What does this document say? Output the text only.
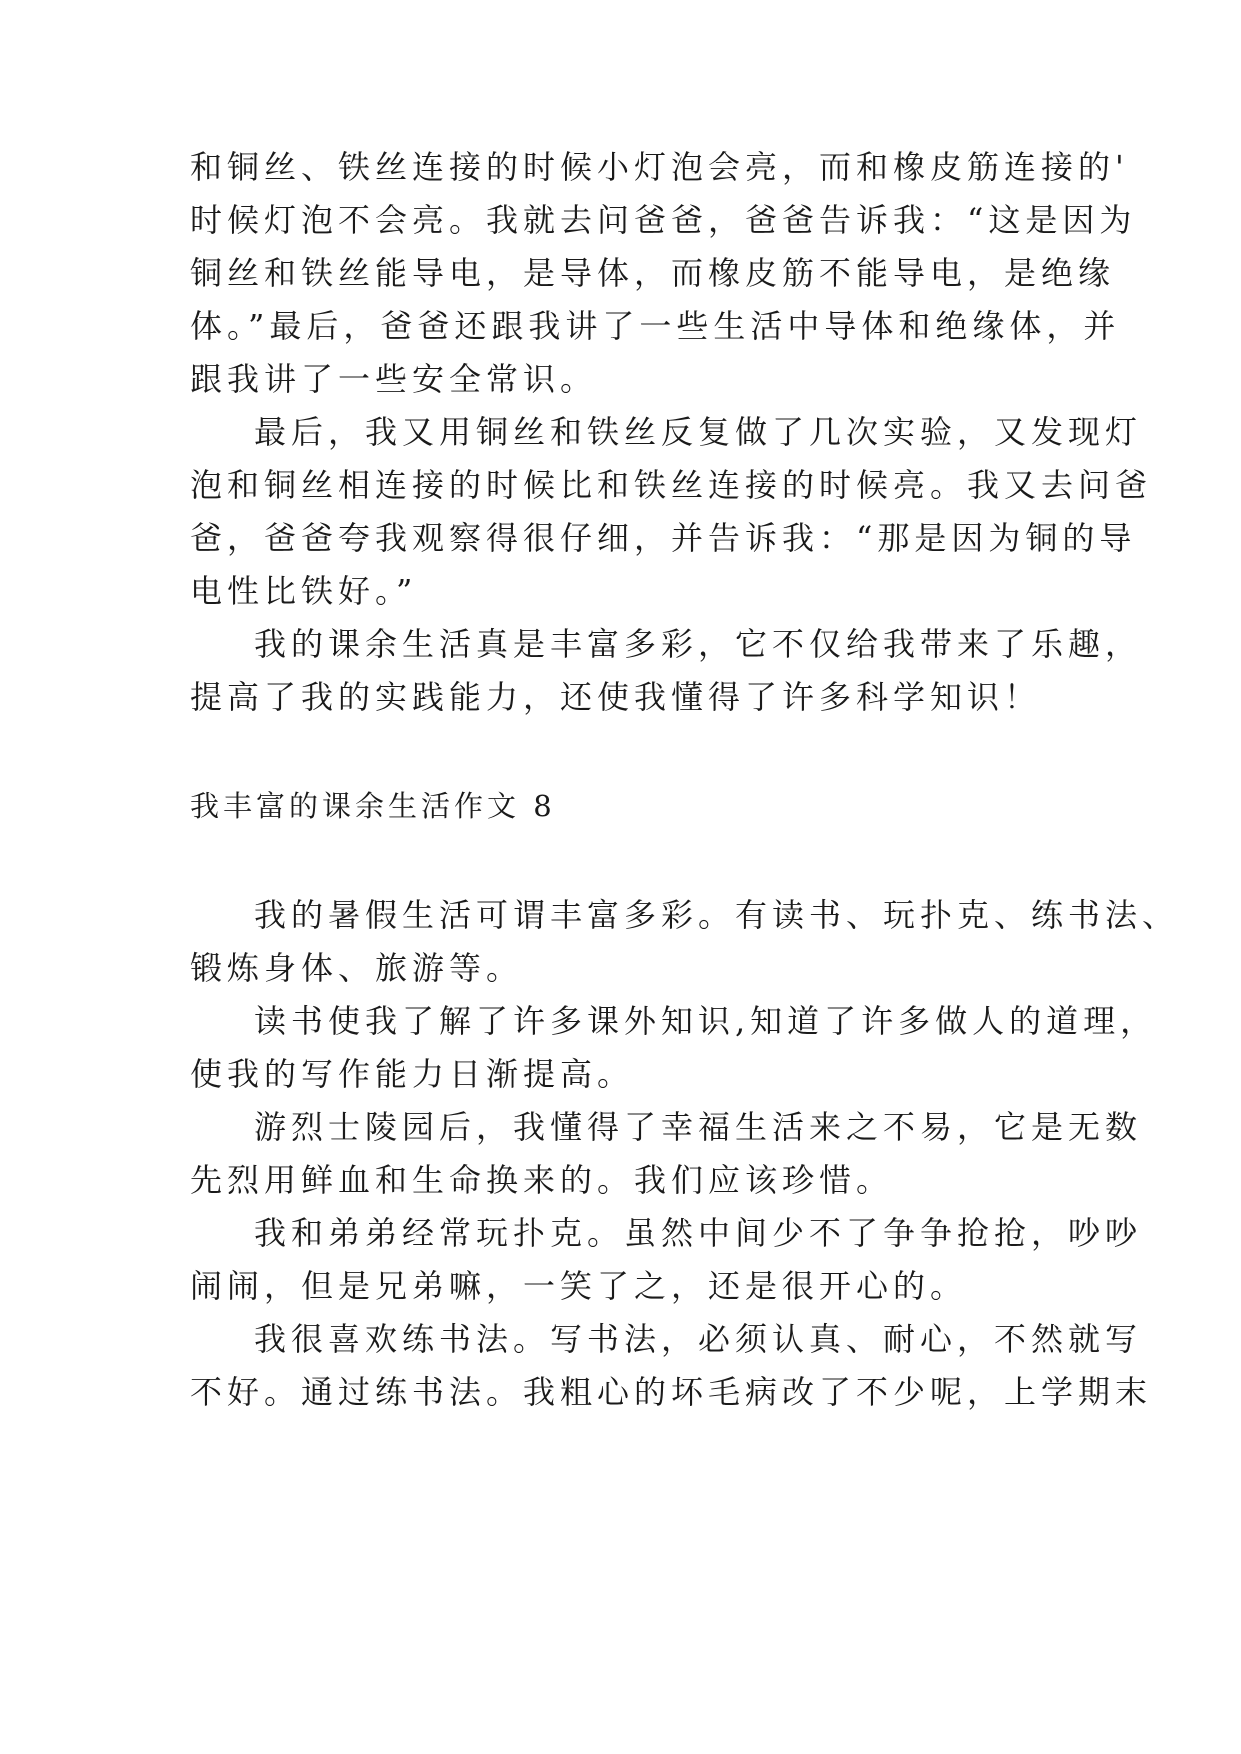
和铜丝、铁丝连接的时候小灯泡会亮，而和橡皮筋连接的'

时候灯泡不会亮。我就去问爸爸，爸爸告诉我：“这是因为

铜丝和铁丝能导电，是导体，而橡皮筋不能导电，是绝缘

体。”最后，爸爸还跟我讲了一些生活中导体和绝缘体，并

跟我讲了一些安全常识。

最后，我又用铜丝和铁丝反复做了几次实验，又发现灯

泡和铜丝相连接的时候比和铁丝连接的时候亮。我又去问爸

爸，爸爸夸我观察得很仔细，并告诉我：“那是因为铜的导

电性比铁好。”

我的课余生活真是丰富多彩，它不仅给我带来了乐趣，

提高了我的实践能力，还使我懂得了许多科学知识！

我丰富的课余生活作文 8

我的暑假生活可谓丰富多彩。有读书、玩扑克、练书法、

锻炼身体、旅游等。

读书使我了解了许多课外知识,知道了许多做人的道理，

使我的写作能力日渐提高。

游烈士陵园后，我懂得了幸福生活来之不易，它是无数

先烈用鲜血和生命换来的。我们应该珍惜。

我和弟弟经常玩扑克。虽然中间少不了争争抢抢，吵吵

闹闹，但是兄弟嘛，一笑了之，还是很开心的。

我很喜欢练书法。写书法，必须认真、耐心，不然就写

不好。通过练书法。我粗心的坏毛病改了不少呢，上学期末
